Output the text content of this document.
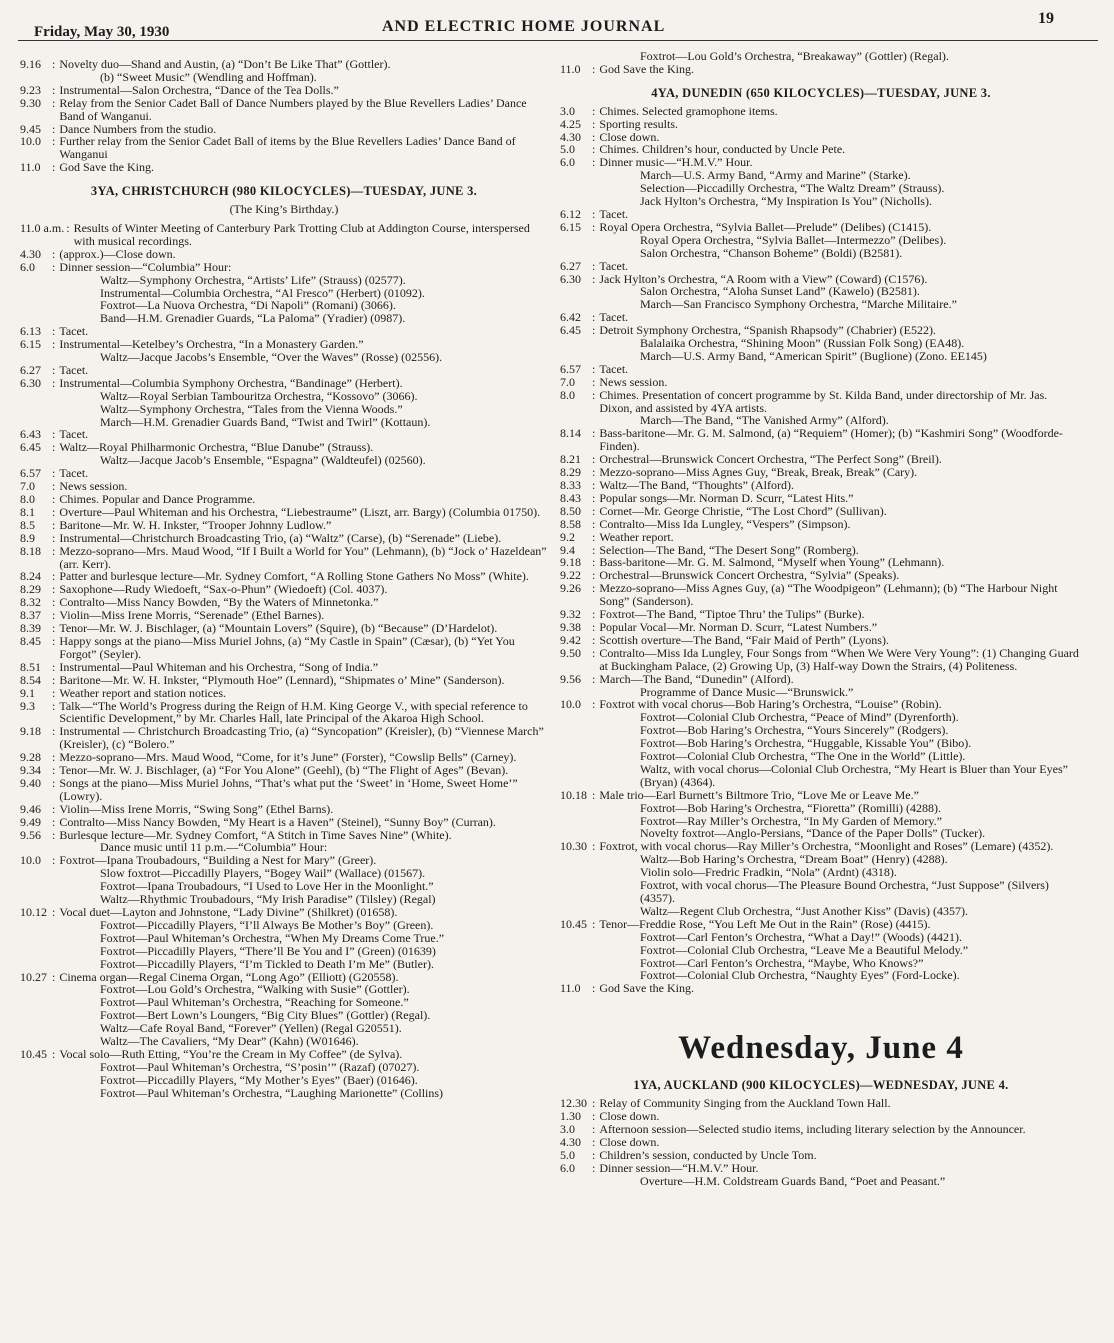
Friday, May 30, 1930	AND ELECTRIC HOME JOURNAL	19
9.16 : Novelty duo—Shand and Austin, (a) “Don’t Be Like That” (Gottler).
(b) “Sweet Music” (Wendling and Hoffman).
9.23 : Instrumental—Salon Orchestra, “Dance of the Tea Dolls.”
9.30 : Relay from the Senior Cadet Ball of Dance Numbers played by the Blue Revellers Ladies’ Dance Band of Wanganui.
9.45 : Dance Numbers from the studio.
10.0 : Further relay from the Senior Cadet Ball of items by the Blue Revellers Ladies’ Dance Band of Wanganui
11.0 : God Save the King.
3YA, CHRISTCHURCH (980 KILOCYCLES)—TUESDAY, JUNE 3.
(The King’s Birthday.)
11.0 a.m. : Results of Winter Meeting of Canterbury Park Trotting Club at Addington Course, interspersed with musical recordings.
4.30 : (approx.)—Close down.
6.0	: Dinner session—“Columbia” Hour:
Waltz—Symphony Orchestra, “Artists’ Life” (Strauss) (02577).
Instrumental—Columbia Orchestra, “Al Fresco” (Herbert) (01092).
Foxtrot—La Nuova Orchestra, “Di Napoli” (Romani) (3066).
Band—H.M. Grenadier Guards, “La Paloma” (Yradier) (0987).
6.13 : Tacet.
6.15 : Instrumental—Ketelbey’s Orchestra, “In a Monastery Garden.”
Waltz—Jacque Jacobs’s Ensemble, “Over the Waves” (Rosse) (02556).
6.27 : Tacet.
6.30 : Instrumental—Columbia Symphony Orchestra, “Bandinage” (Herbert).
Waltz—Royal Serbian Tambouritza Orchestra, “Kossovo” (3066).
Waltz—Symphony Orchestra, “Tales from the Vienna Woods.”
March—H.M. Grenadier Guards Band, “Twist and Twirl” (Kottaun).
6.43 : Tacet.
6.45 : Waltz—Royal Philharmonic Orchestra, “Blue Danube” (Strauss).
Waltz—Jacque Jacob’s Ensemble, “Espagna” (Waldteufel) (02560).
6.57 : Tacet.
7.0	: News session.
8.0	: Chimes. Popular and Dance Programme.
8.1	: Overture—Paul Whiteman and his Orchestra, “Liebestraume” (Liszt, arr. Bargy) (Columbia 01750).
8.5	: Baritone—Mr. W. H. Inkster, “Trooper Johnny Ludlow.”
8.9	: Instrumental—Christchurch Broadcasting Trio, (a) “Waltz” (Carse), (b) “Serenade” (Liebe).
8.18 : Mezzo-soprano—Mrs. Maud Wood, “If I Built a World for You” (Lehmann), (b) “Jock o’ Hazeldean” (arr. Kerr).
8.24 : Patter and burlesque lecture—Mr. Sydney Comfort, “A Rolling Stone Gathers No Moss” (White).
8.29 : Saxophone—Rudy Wiedoeft, “Sax-o-Phun” (Wiedoeft) (Col. 4037).
8.32 : Contralto—Miss Nancy Bowden, “By the Waters of Minnetonka.”
8.37 : Violin—Miss Irene Morris, “Serenade” (Ethel Barnes).
8.39 : Tenor—Mr. W. J. Bischlager, (a) “Mountain Lovers” (Squire), (b) “Because” (D’Hardelot).
8.45 : Happy songs at the piano—Miss Muriel Johns, (a) “My Castle in Spain” (Cæsar), (b) “Yet You Forgot” (Seyler).
8.51 : Instrumental—Paul Whiteman and his Orchestra, “Song of India.”
8.54 : Baritone—Mr. W. H. Inkster, “Plymouth Hoe” (Lennard), “Shipmates o’ Mine” (Sanderson).
9.1	: Weather report and station notices.
9.3	: Talk—“The World’s Progress during the Reign of H.M. King George V., with special reference to Scientific Development,” by Mr. Charles Hall, late Principal of the Akaroa High School.
9.18 : Instrumental — Christchurch Broadcasting Trio, (a) “Syncopation” (Kreisler), (b) “Viennese March” (Kreisler), (c) “Bolero.”
9.28 : Mezzo-soprano—Mrs. Maud Wood, “Come, for it’s June” (Forster), “Cowslip Bells” (Carney).
9.34 : Tenor—Mr. W. J. Bischlager, (a) “For You Alone” (Geehl), (b) “The Flight of Ages” (Bevan).
9.40 : Songs at the piano—Miss Muriel Johns, “That’s what put the ‘Sweet’ in ‘Home, Sweet Home’” (Lowry).
9.46 : Violin—Miss Irene Morris, “Swing Song” (Ethel Barns).
9.49 : Contralto—Miss Nancy Bowden, “My Heart is a Haven” (Steinel), “Sunny Boy” (Curran).
9.56 : Burlesque lecture—Mr. Sydney Comfort, “A Stitch in Time Saves Nine” (White).
Dance music until 11 p.m.—“Columbia” Hour:
10.0 : Foxtrot—Ipana Troubadours, “Building a Nest for Mary” (Greer).
Slow foxtrot—Piccadilly Players, “Bogey Wail” (Wallace) (01567).
Foxtrot—Ipana Troubadours, “I Used to Love Her in the Moonlight.”
Waltz—Rhythmic Troubadours, “My Irish Paradise” (Tilsley) (Regal)
10.12 : Vocal duet—Layton and Johnstone, “Lady Divine” (Shilkret) (01658).
Foxtrot—Piccadilly Players, “I’ll Always Be Mother’s Boy” (Green).
Foxtrot—Paul Whiteman’s Orchestra, “When My Dreams Come True.”
Foxtrot—Piccadilly Players, “There’ll Be You and I” (Green) (01639)
Foxtrot—Piccadilly Players, “I’m Tickled to Death I’m Me” (Butler).
10.27 : Cinema organ—Regal Cinema Organ, “Long Ago” (Elliott) (G20558).
Foxtrot—Lou Gold’s Orchestra, “Walking with Susie” (Gottler).
Foxtrot—Paul Whiteman’s Orchestra, “Reaching for Someone.”
Foxtrot—Bert Lown’s Loungers, “Big City Blues” (Gottler) (Regal).
Waltz—Cafe Royal Band, “Forever” (Yellen) (Regal G20551).
Waltz—The Cavaliers, “My Dear” (Kahn) (W01646).
10.45 : Vocal solo—Ruth Etting, “You’re the Cream in My Coffee” (de Sylva).
Foxtrot—Paul Whiteman’s Orchestra, “S’posin’” (Razaf) (07027).
Foxtrot—Piccadilly Players, “My Mother’s Eyes” (Baer) (01646).
Foxtrot—Paul Whiteman’s Orchestra, “Laughing Marionette” (Collins)
Foxtrot—Lou Gold’s Orchestra, “Breakaway” (Gottler) (Regal).
11.0 : God Save the King.
4YA, DUNEDIN (650 KILOCYCLES)—TUESDAY, JUNE 3.
3.0	: Chimes. Selected gramophone items.
4.25 : Sporting results.
4.30 : Close down.
5.0	: Chimes. Children’s hour, conducted by Uncle Pete.
6.0	: Dinner music—“H.M.V.” Hour.
March—U.S. Army Band, “Army and Marine” (Starke).
Selection—Piccadilly Orchestra, “The Waltz Dream” (Strauss).
Jack Hylton’s Orchestra, “My Inspiration Is You” (Nicholls).
6.12 : Tacet.
6.15 : Royal Opera Orchestra, “Sylvia Ballet—Prelude” (Delibes) (C1415).
Royal Opera Orchestra, “Sylvia Ballet—Intermezzo” (Delibes).
Salon Orchestra, “Chanson Boheme” (Boldi) (B2581).
6.27 : Tacet.
6.30 : Jack Hylton’s Orchestra, “A Room with a View” (Coward) (C1576).
Salon Orchestra, “Aloha Sunset Land” (Kawelo) (B2581).
March—San Francisco Symphony Orchestra, “Marche Militaire.”
6.42 : Tacet.
6.45 : Detroit Symphony Orchestra, “Spanish Rhapsody” (Chabrier) (E522).
Balalaika Orchestra, “Shining Moon” (Russian Folk Song) (EA48).
March—U.S. Army Band, “American Spirit” (Buglione) (Zono. EE145)
6.57 : Tacet.
7.0	: News session.
8.0	: Chimes. Presentation of concert programme by St. Kilda Band, under directorship of Mr. Jas. Dixon, and assisted by 4YA artists.
March—The Band, “The Vanished Army” (Alford).
8.14 : Bass-baritone—Mr. G. M. Salmond, (a) “Requiem” (Homer); (b) “Kashmiri Song” (Woodforde-Finden).
8.21 : Orchestral—Brunswick Concert Orchestra, “The Perfect Song” (Breil).
8.29 : Mezzo-soprano—Miss Agnes Guy, “Break, Break, Break” (Cary).
8.33 : Waltz—The Band, “Thoughts” (Alford).
8.43 : Popular songs—Mr. Norman D. Scurr, “Latest Hits.”
8.50 : Cornet—Mr. George Christie, “The Lost Chord” (Sullivan).
8.58 : Contralto—Miss Ida Lungley, “Vespers” (Simpson).
9.2	: Weather report.
9.4	: Selection—The Band, “The Desert Song” (Romberg).
9.18 : Bass-baritone—Mr. G. M. Salmond, “Myself when Young” (Lehmann).
9.22 : Orchestral—Brunswick Concert Orchestra, “Sylvia” (Speaks).
9.26 : Mezzo-soprano—Miss Agnes Guy, (a) “The Woodpigeon” (Lehmann); (b) “The Harbour Night Song” (Sanderson).
9.32 : Foxtrot—The Band, “Tiptoe Thru’ the Tulips” (Burke).
9.38 : Popular Vocal—Mr. Norman D. Scurr, “Latest Numbers.”
9.42 : Scottish overture—The Band, “Fair Maid of Perth” (Lyons).
9.50 : Contralto—Miss Ida Lungley, Four Songs from “When We Were Very Young”: (1) Changing Guard at Buckingham Palace, (2) Growing Up, (3) Half-way Down the Strairs, (4) Politeness.
9.56 : March—The Band, “Dunedin” (Alford).
Programme of Dance Music—“Brunswick.”
10.0 : Foxtrot with vocal chorus—Bob Haring’s Orchestra, “Louise” (Robin).
Foxtrot—Colonial Club Orchestra, “Peace of Mind” (Dyrenforth).
Foxtrot—Bob Haring’s Orchestra, “Yours Sincerely” (Rodgers).
Foxtrot—Bob Haring’s Orchestra, “Huggable, Kissable You” (Bibo).
Foxtrot—Colonial Club Orchestra, “The One in the World” (Little).
Waltz, with vocal chorus—Colonial Club Orchestra, “My Heart is Bluer than Your Eyes” (Bryan) (4364).
10.18 : Male trio—Earl Burnett’s Biltmore Trio, “Love Me or Leave Me.”
Foxtrot—Bob Haring’s Orchestra, “Fioretta” (Romilli) (4288).
Foxtrot—Ray Miller’s Orchestra, “In My Garden of Memory.”
Novelty foxtrot—Anglo-Persians, “Dance of the Paper Dolls” (Tucker).
10.30 : Foxtrot, with vocal chorus—Ray Miller’s Orchestra, “Moonlight and Roses” (Lemare) (4352).
Waltz—Bob Haring’s Orchestra, “Dream Boat” (Henry) (4288).
Violin solo—Fredric Fradkin, “Nola” (Ardnt) (4318).
Foxtrot, with vocal chorus—The Pleasure Bound Orchestra, “Just Suppose” (Silvers) (4357).
Waltz—Regent Club Orchestra, “Just Another Kiss” (Davis) (4357).
10.45 : Tenor—Freddie Rose, “You Left Me Out in the Rain” (Rose) (4415).
Foxtrot—Carl Fenton’s Orchestra, “What a Day!” (Woods) (4421).
Foxtrot—Colonial Club Orchestra, “Leave Me a Beautiful Melody.”
Foxtrot—Carl Fenton’s Orchestra, “Maybe, Who Knows?”
Foxtrot—Colonial Club Orchestra, “Naughty Eyes” (Ford-Locke).
11.0 : God Save the King.
Wednesday, June 4
1YA, AUCKLAND (900 KILOCYCLES)—WEDNESDAY, JUNE 4.
12.30 : Relay of Community Singing from the Auckland Town Hall.
1.30 : Close down.
3.0	: Afternoon session—Selected studio items, including literary selection by the Announcer.
4.30 : Close down.
5.0	: Children’s session, conducted by Uncle Tom.
6.0	: Dinner session—“H.M.V.” Hour.
Overture—H.M. Coldstream Guards Band, “Poet and Peasant.”
